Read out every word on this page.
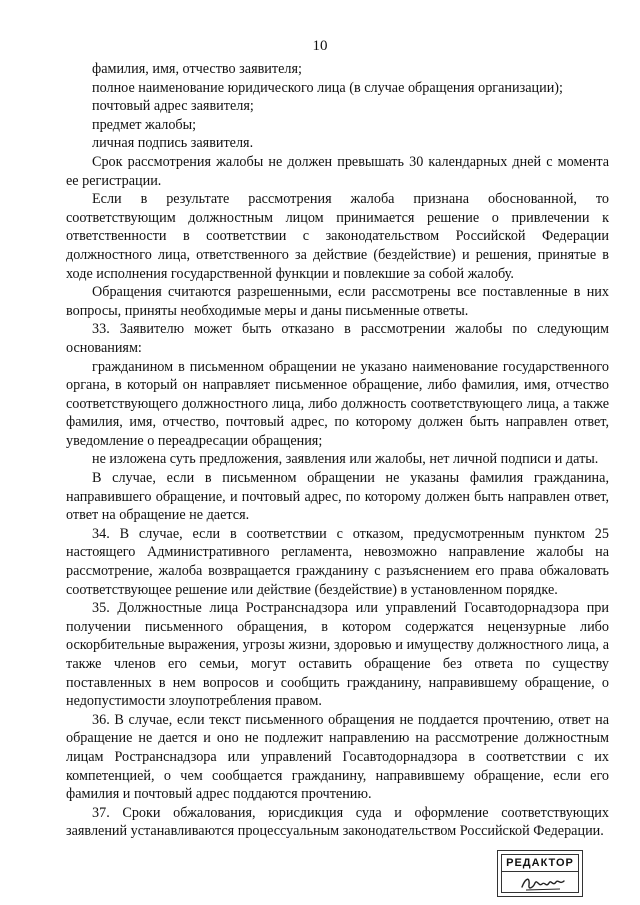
10

фамилия, имя, отчество заявителя;

полное наименование юридического лица (в случае обращения организации);

почтовый адрес заявителя;

предмет жалобы;

личная подпись заявителя.

Срок рассмотрения жалобы не должен превышать 30 календарных дней с момента ее регистрации.

Если в результате рассмотрения жалоба признана обоснованной, то соответствующим должностным лицом принимается решение о привлечении к ответственности в соответствии с законодательством Российской Федерации должностного лица, ответственного за действие (бездействие) и решения, принятые в ходе исполнения государственной функции и повлекшие за собой жалобу.

Обращения считаются разрешенными, если рассмотрены все поставленные в них вопросы, приняты необходимые меры и даны письменные ответы.

33. Заявителю может быть отказано в рассмотрении жалобы по следующим основаниям:

гражданином в письменном обращении не указано наименование государственного органа, в который он направляет письменное обращение, либо фамилия, имя, отчество соответствующего должностного лица, либо должность соответствующего лица, а также фамилия, имя, отчество, почтовый адрес, по которому должен быть направлен ответ, уведомление о переадресации обращения;

не изложена суть предложения, заявления или жалобы, нет личной подписи и даты.

В случае, если в письменном обращении не указаны фамилия гражданина, направившего обращение, и почтовый адрес, по которому должен быть направлен ответ, ответ на обращение не дается.

34. В случае, если в соответствии с отказом, предусмотренным пунктом 25 настоящего Административного регламента, невозможно направление жалобы на рассмотрение, жалоба возвращается гражданину с разъяснением его права обжаловать соответствующее решение или действие (бездействие) в установленном порядке.

35. Должностные лица Ространснадзора или управлений Госавтодорнадзора при получении письменного обращения, в котором содержатся нецензурные либо оскорбительные выражения, угрозы жизни, здоровью и имуществу должностного лица, а также членов его семьи, могут оставить обращение без ответа по существу поставленных в нем вопросов и сообщить гражданину, направившему обращение, о недопустимости злоупотребления правом.

36. В случае, если текст письменного обращения не поддается прочтению, ответ на обращение не дается и оно не подлежит направлению на рассмотрение должностным лицам Ространснадзора или управлений Госавтодорнадзора в соответствии с их компетенцией, о чем сообщается гражданину, направившему обращение, если его фамилия и почтовый адрес поддаются прочтению.

37. Сроки обжалования, юрисдикция суда и оформление соответствующих заявлений устанавливаются процессуальным законодательством Российской Федерации.

РЕДАКТОР
